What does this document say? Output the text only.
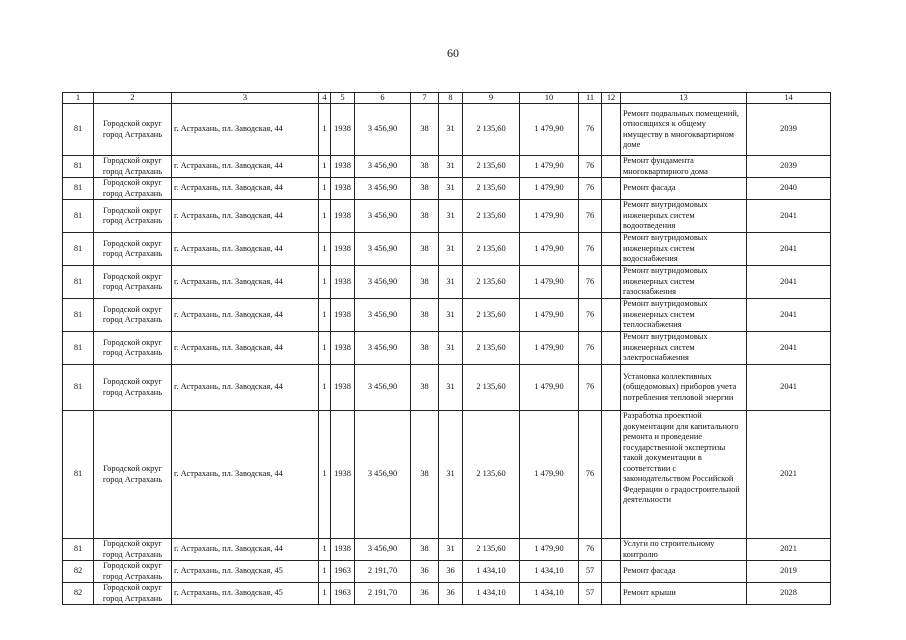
60
1	2	3	4	5	6	7	8	9	10	11	12	13	14
81	Городской округ город Астрахань	г. Астрахань, пл. Заводская, 44	1	1938	3 456,90	38	31	2 135,60	1 479,90	76		Ремонт подвальных помещений, относящихся к общему имуществу в многоквартирном доме	2039
81	Городской округ город Астрахань	г. Астрахань, пл. Заводская, 44	1	1938	3 456,90	38	31	2 135,60	1 479,90	76		Ремонт фундамента многоквартирного дома	2039
81	Городской округ город Астрахань	г. Астрахань, пл. Заводская, 44	1	1938	3 456,90	38	31	2 135,60	1 479,90	76		Ремонт фасада	2040
81	Городской округ город Астрахань	г. Астрахань, пл. Заводская, 44	1	1938	3 456,90	38	31	2 135,60	1 479,90	76		Ремонт внутридомовых инженерных систем водоотведения	2041
81	Городской округ город Астрахань	г. Астрахань, пл. Заводская, 44	1	1938	3 456,90	38	31	2 135,60	1 479,90	76		Ремонт внутридомовых инженерных систем водоснабжения	2041
81	Городской округ город Астрахань	г. Астрахань, пл. Заводская, 44	1	1938	3 456,90	38	31	2 135,60	1 479,90	76		Ремонт внутридомовых инженерных систем газоснабжения	2041
81	Городской округ город Астрахань	г. Астрахань, пл. Заводская, 44	1	1938	3 456,90	38	31	2 135,60	1 479,90	76		Ремонт внутридомовых инженерных систем теплоснабжения	2041
81	Городской округ город Астрахань	г. Астрахань, пл. Заводская, 44	1	1938	3 456,90	38	31	2 135,60	1 479,90	76		Ремонт внутридомовых инженерных систем электроснабжения	2041
81	Городской округ город Астрахань	г. Астрахань, пл. Заводская, 44	1	1938	3 456,90	38	31	2 135,60	1 479,90	76		Установка коллективных (общедомовых) приборов учета потребления тепловой энергии	2041
81	Городской округ город Астрахань	г. Астрахань, пл. Заводская, 44	1	1938	3 456,90	38	31	2 135,60	1 479,90	76		Разработка проектной документации для капитального ремонта и проведение государственной экспертизы такой документации в соответствии с законодательством Российской Федерации о градостроительной деятельности	2021
81	Городской округ город Астрахань	г. Астрахань, пл. Заводская, 44	1	1938	3 456,90	38	31	2 135,60	1 479,90	76		Услуги по строительному контролю	2021
82	Городской округ город Астрахань	г. Астрахань, пл. Заводская, 45	1	1963	2 191,70	36	36	1 434,10	1 434,10	57		Ремонт фасада	2019
82	Городской округ город Астрахань	г. Астрахань, пл. Заводская, 45	1	1963	2 191,70	36	36	1 434,10	1 434,10	57		Ремонт крыши	2028
